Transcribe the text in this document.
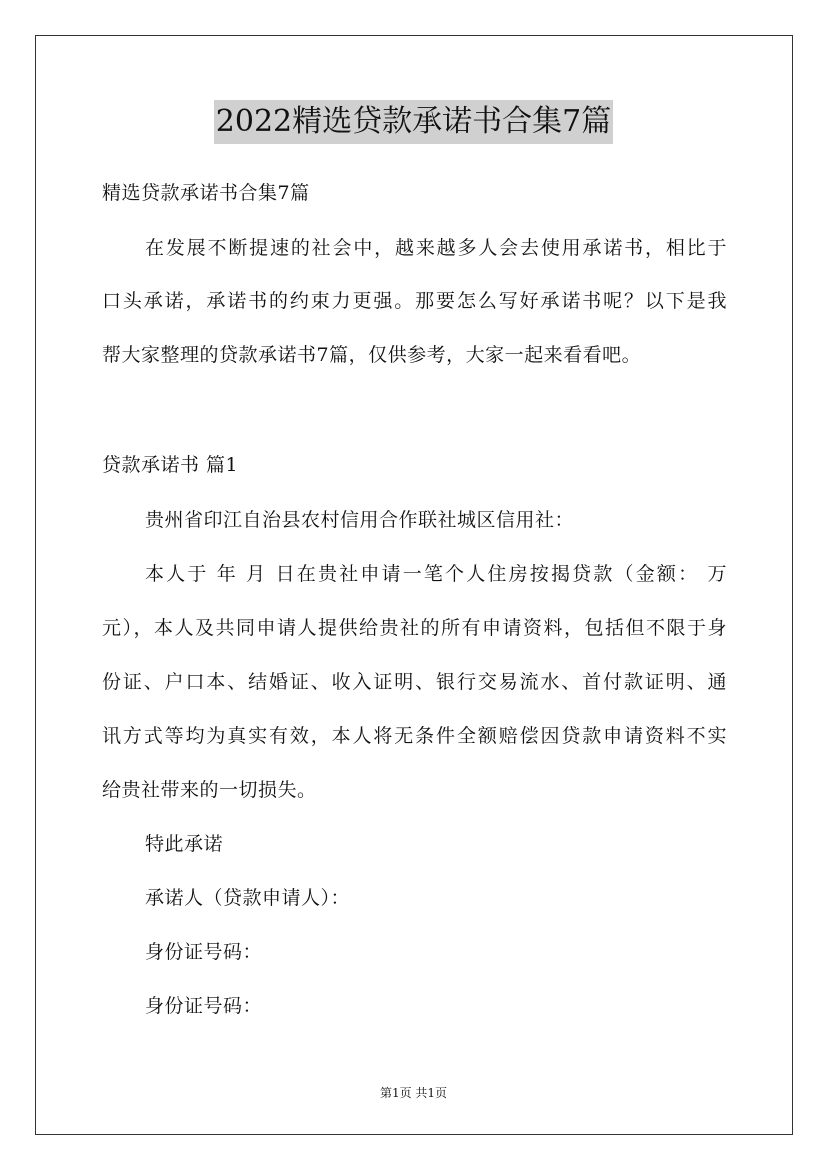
2022精选贷款承诺书合集7篇
精选贷款承诺书合集7篇
在发展不断提速的社会中，越来越多人会去使用承诺书，相比于
口头承诺，承诺书的约束力更强。那要怎么写好承诺书呢？以下是我
帮大家整理的贷款承诺书7篇，仅供参考，大家一起来看看吧。
贷款承诺书 篇1
贵州省印江自治县农村信用合作联社城区信用社：
本人于 年 月 日在贵社申请一笔个人住房按揭贷款（金额： 万
元），本人及共同申请人提供给贵社的所有申请资料，包括但不限于身
份证、户口本、结婚证、收入证明、银行交易流水、首付款证明、通
讯方式等均为真实有效，本人将无条件全额赔偿因贷款申请资料不实
给贵社带来的一切损失。
特此承诺
承诺人（贷款申请人）：
身份证号码：
身份证号码：
第1页 共1页
